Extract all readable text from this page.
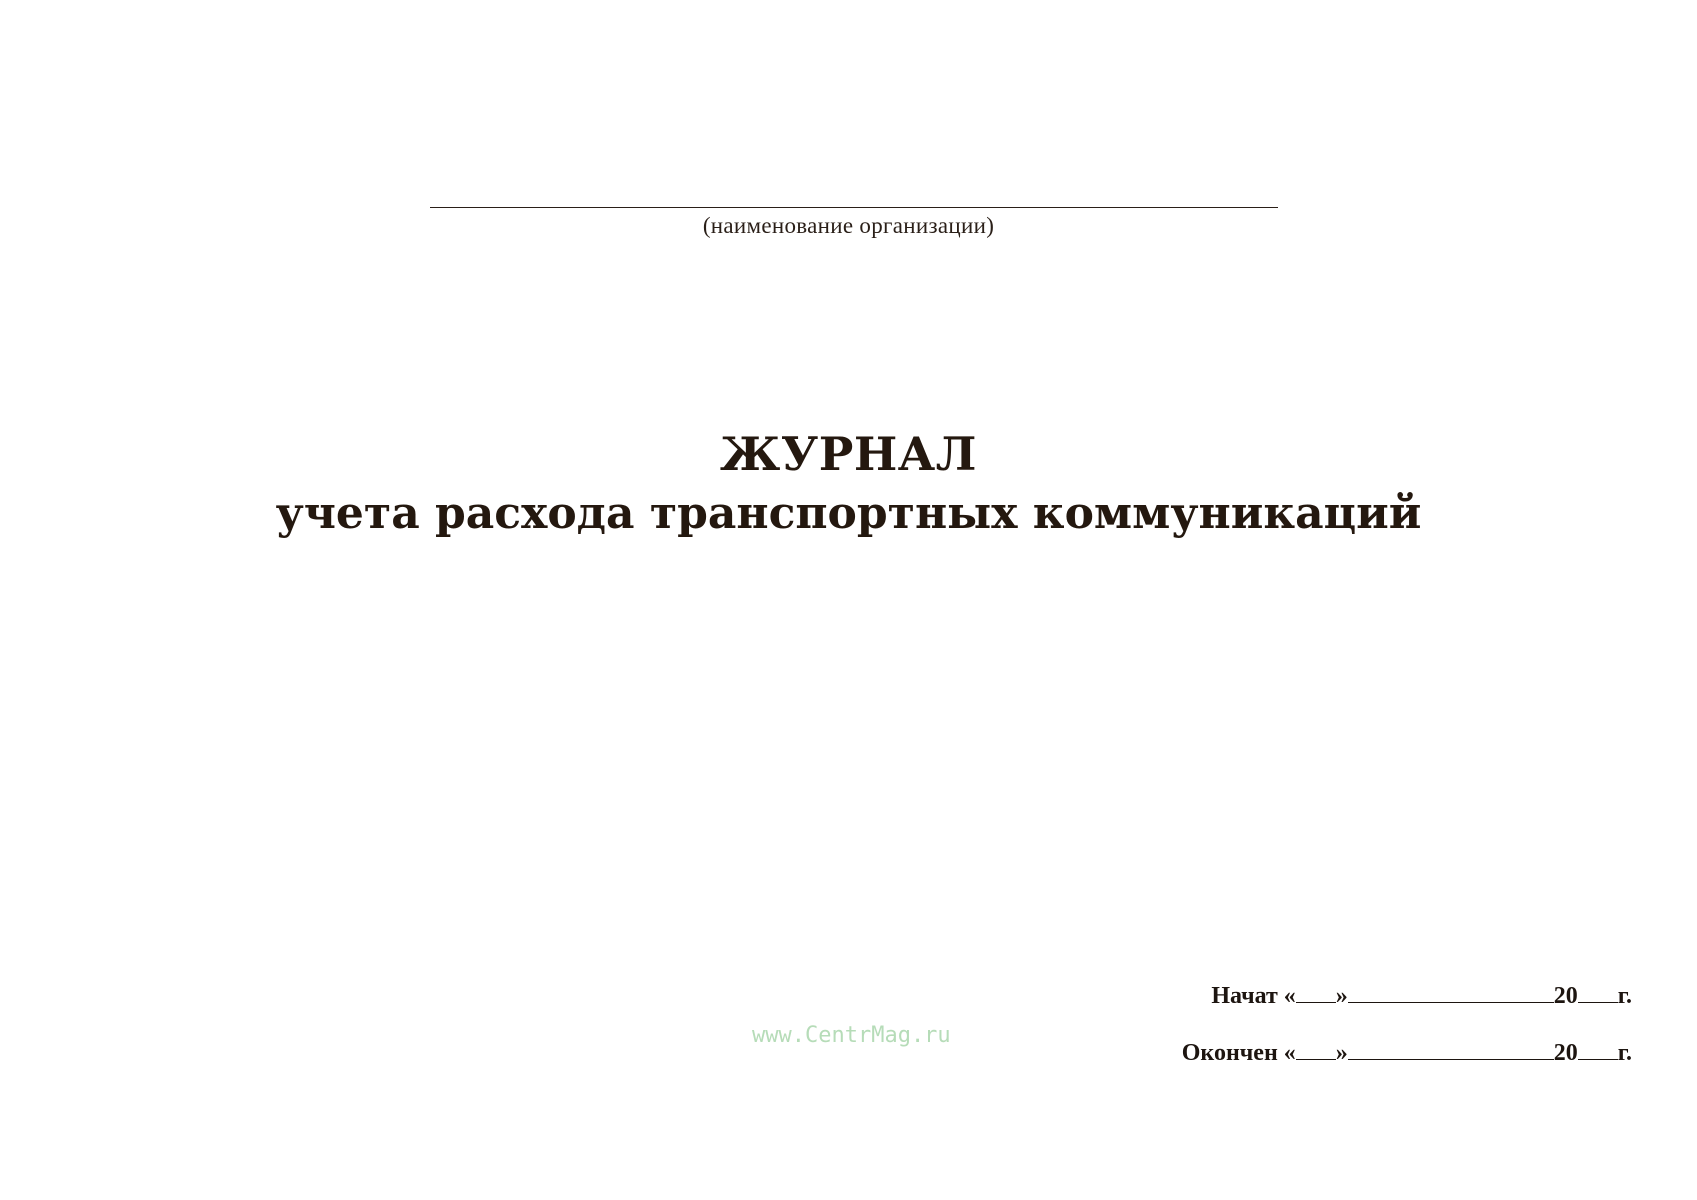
(наименование организации)
ЖУРНАЛ
учета расхода транспортных коммуникаций
www.CentrMag.ru
Начат
« »	20 г.
Окончен
« »	20 г.
